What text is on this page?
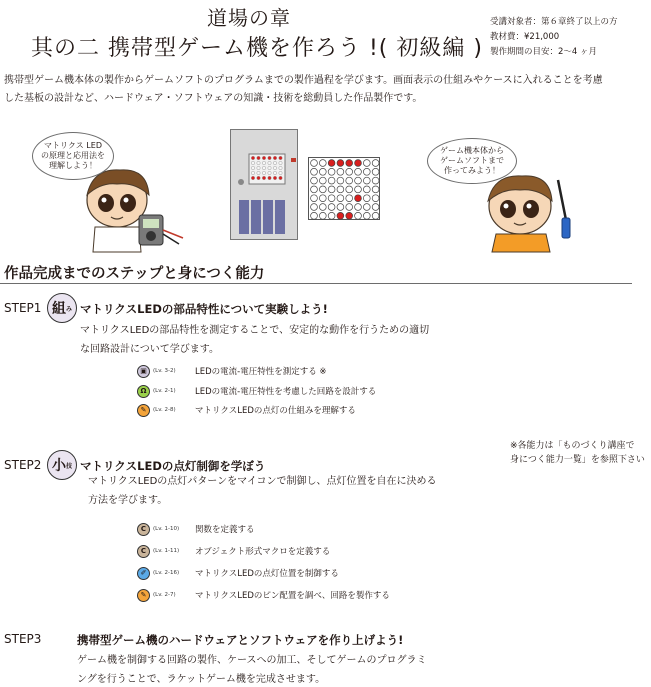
道場の章
其の二 携帯型ゲーム機を作ろう !( 初級編 )
受講対象者：第６章終了以上の方
教材費：¥21,000
製作期間の目安：2～4 ヶ月
携帯型ゲーム機本体の製作からゲームソフトのプログラムまでの製作過程を学びます。画面表示の仕組みやケースに入れることを考慮
した基板の設計など、ハードウェア・ソフトウェアの知識・技術を総動員した作品製作です。
マトリクス LED
の原理と応用法を
理解しよう！
ゲーム機本体から
ゲームソフトまで
作ってみよう！
作品完成までのステップと身につく能力
STEP1 組 み マトリクスLEDの部品特性について実験しよう!
マトリクスLEDの部品特性を測定することで、安定的な動作を行うための適切
な回路設計について学びます。
▣	(Lv. 3-2)	LEDの電流-電圧特性を測定する ※
Ω	(Lv. 2-1)	LEDの電流-電圧特性を考慮した回路を設計する
✎	(Lv. 2-8)	マトリクスLEDの点灯の仕組みを理解する
※各能力は「ものづくり講座で
身につく能力一覧」を参照下さい
STEP2 小 技 マトリクスLEDの点灯制御を学ぼう
マトリクスLEDの点灯パターンをマイコンで制御し、点灯位置を自在に決める
方法を学びます。
C	(Lv. 1-10)	関数を定義する
C	(Lv. 1-11)	オブジェクト形式マクロを定義する
✐	(Lv. 2-16)	マトリクスLEDの点灯位置を制御する
✎	(Lv. 2-7)	マトリクスLEDのピン配置を調べ、回路を製作する
STEP3	携帯型ゲーム機のハードウェアとソフトウェアを作り上げよう!
ゲーム機を制御する回路の製作、ケースへの加工、そしてゲームのプログラミ
ングを行うことで、ラケットゲーム機を完成させます。
